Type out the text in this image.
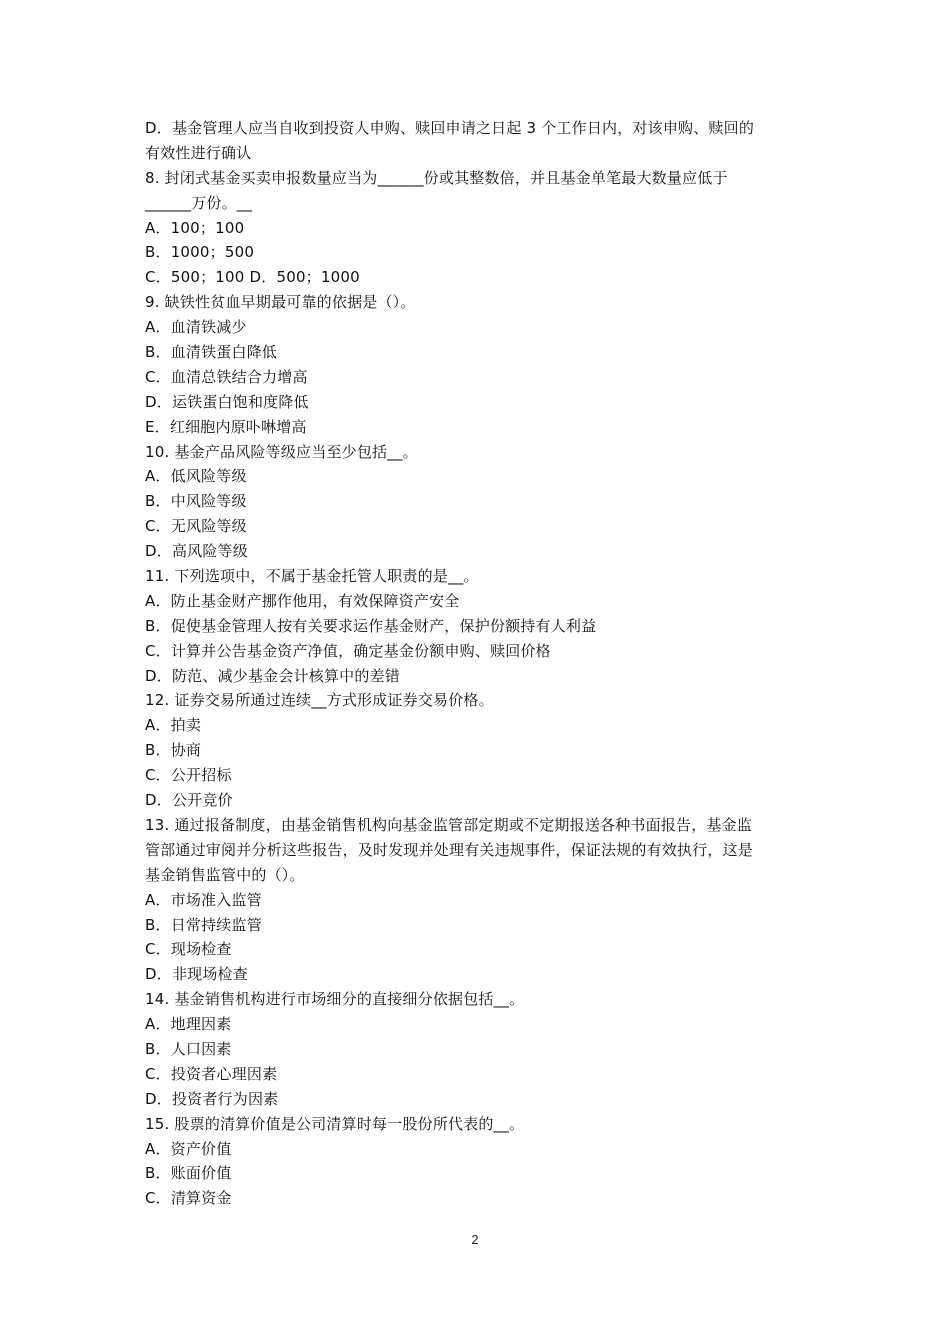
D．基金管理人应当自收到投资人申购、赎回申请之日起 3 个工作日内，对该申购、赎回的
有效性进行确认
8. 封闭式基金买卖申报数量应当为______份或其整数倍，并且基金单笔最大数量应低于
______万份。__
A．100；100
B．1000；500
C．500；100 D．500；1000
9. 缺铁性贫血早期最可靠的依据是（）。
A．血清铁减少
B．血清铁蛋白降低
C．血清总铁结合力增高
D．运铁蛋白饱和度降低
E．红细胞内原卟啉增高
10. 基金产品风险等级应当至少包括__。
A．低风险等级
B．中风险等级
C．无风险等级
D．高风险等级
11. 下列选项中，不属于基金托管人职责的是__。
A．防止基金财产挪作他用，有效保障资产安全
B．促使基金管理人按有关要求运作基金财产，保护份额持有人利益
C．计算并公告基金资产净值，确定基金份额申购、赎回价格
D．防范、减少基金会计核算中的差错
12. 证券交易所通过连续__方式形成证券交易价格。
A．拍卖
B．协商
C．公开招标
D．公开竞价
13. 通过报备制度，由基金销售机构向基金监管部定期或不定期报送各种书面报告，基金监
管部通过审阅并分析这些报告，及时发现并处理有关违规事件，保证法规的有效执行，这是
基金销售监管中的（）。
A．市场准入监管
B．日常持续监管
C．现场检查
D．非现场检查
14. 基金销售机构进行市场细分的直接细分依据包括__。
A．地理因素
B．人口因素
C．投资者心理因素
D．投资者行为因素
15. 股票的清算价值是公司清算时每一股份所代表的__。
A．资产价值
B．账面价值
C．清算资金
2
